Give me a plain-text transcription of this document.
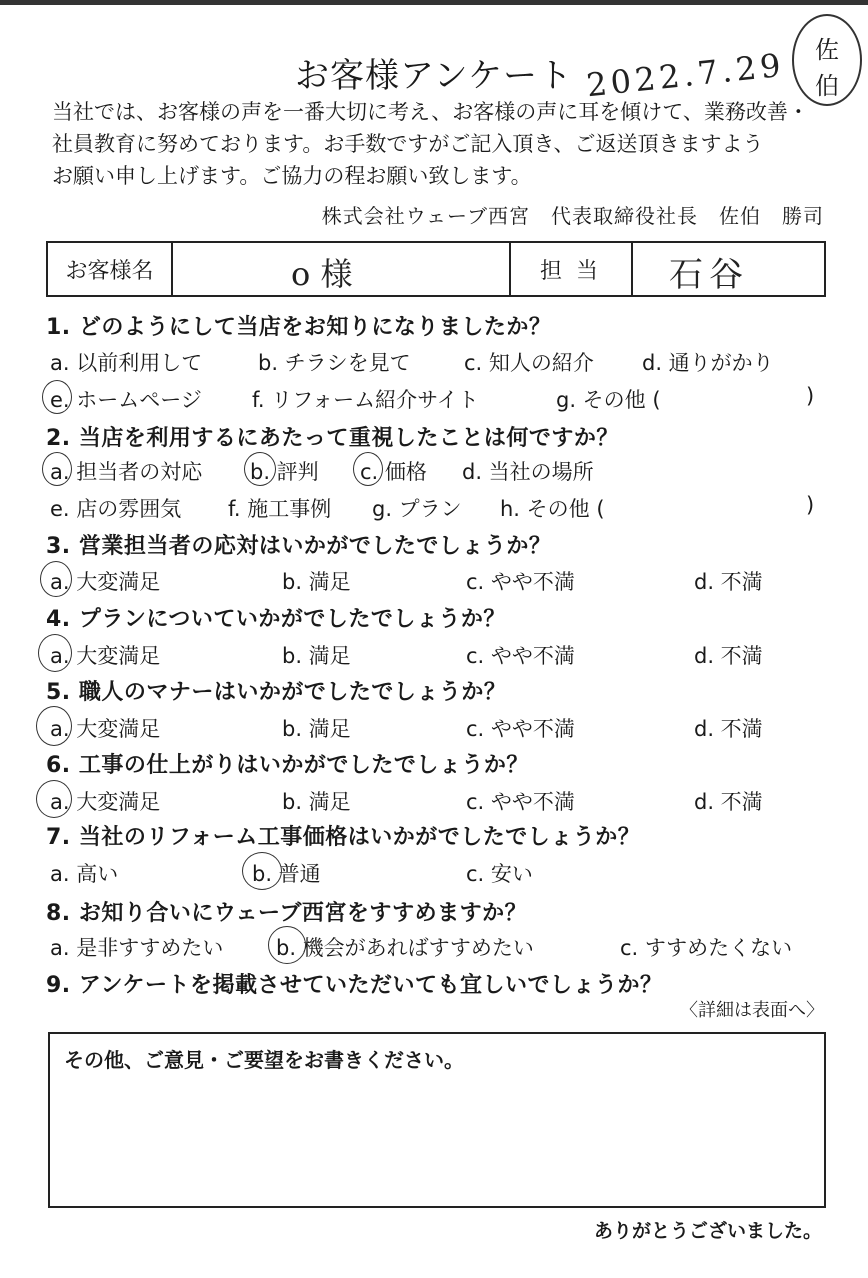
お客様アンケート 2022.7.29	佐
伯
当社では、お客様の声を一番大切に考え、お客様の声に耳を傾けて、業務改善・
社員教育に努めております。お手数ですがご記入頂き、ご返送頂きますよう
お願い申し上げます。ご協力の程お願い致します。
株式会社ウェーブ西宮　代表取締役社長　佐伯　勝司
お客様名	o 様	担当	石谷
1. どのようにして当店をお知りになりましたか？
a. 以前利用して	b. チラシを見て	c. 知人の紹介 d. 通りがかり
e. ホームページ f. リフォーム紹介サイト	g. その他 (	)
2. 当店を利用するにあたって重視したことは何ですか？
a. 担当者の対応 b. 評判 c. 価格 d. 当社の場所
e. 店の雰囲気 f. 施工事例 g. プラン h. その他 (	)
3. 営業担当者の応対はいかがでしたでしょうか？
a. 大変満足	b. 満足	c. やや不満	d. 不満
4. プランについていかがでしたでしょうか？
a. 大変満足	b. 満足	c. やや不満	d. 不満
5. 職人のマナーはいかがでしたでしょうか？
a. 大変満足	b. 満足	c. やや不満	d. 不満
6. 工事の仕上がりはいかがでしたでしょうか？
a. 大変満足	b. 満足	c. やや不満	d. 不満
7. 当社のリフォーム工事価格はいかがでしたでしょうか？
a. 高い	b. 普通	c. 安い
8. お知り合いにウェーブ西宮をすすめますか？
a. 是非すすめたい	b. 機会があればすすめたい	c. すすめたくない
9. アンケートを掲載させていただいても宜しいでしょうか？
〈詳細は表面へ〉
その他、ご意見・ご要望をお書きください。
ありがとうございました。
